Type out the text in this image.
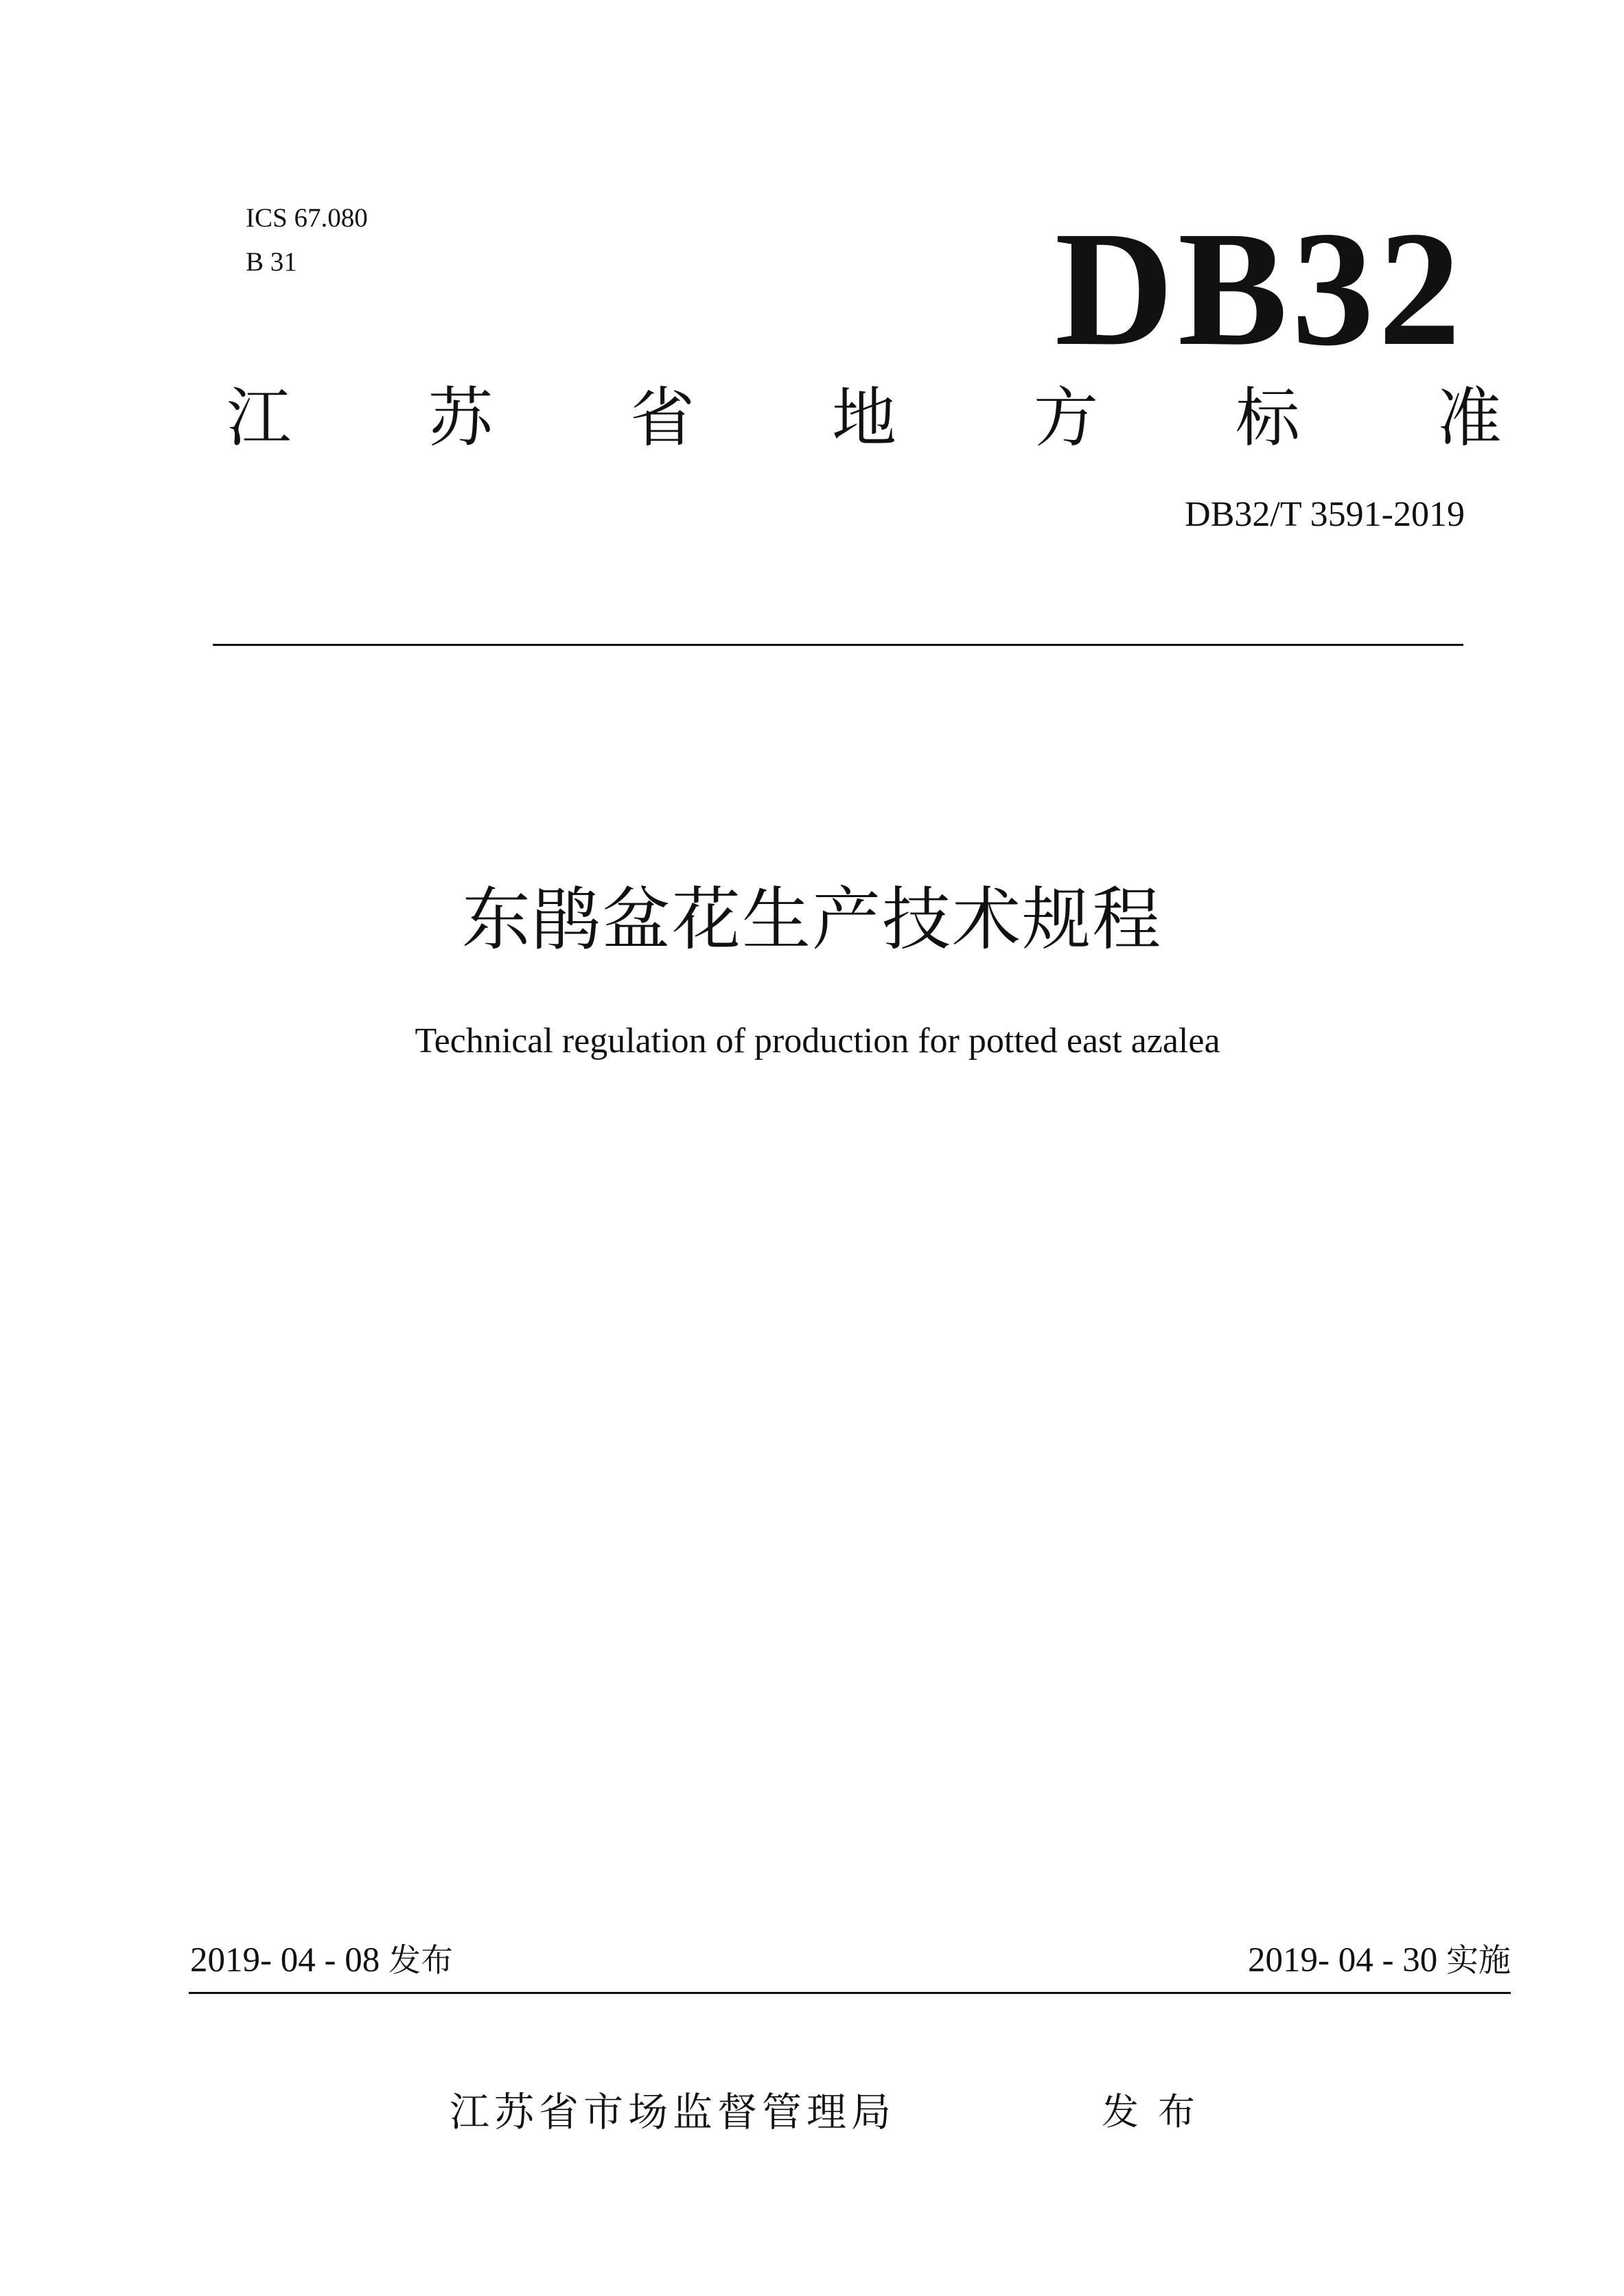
ICS 67.080
B 31	DB32
江 苏 省 地 方 标 准
DB32/T 3591-2019
东鹃盆花生产技术规程
Technical regulation of production for potted east azalea
2019- 04 - 08 发布	2019- 04 - 30 实施
江苏省市场监督管理局	发布
